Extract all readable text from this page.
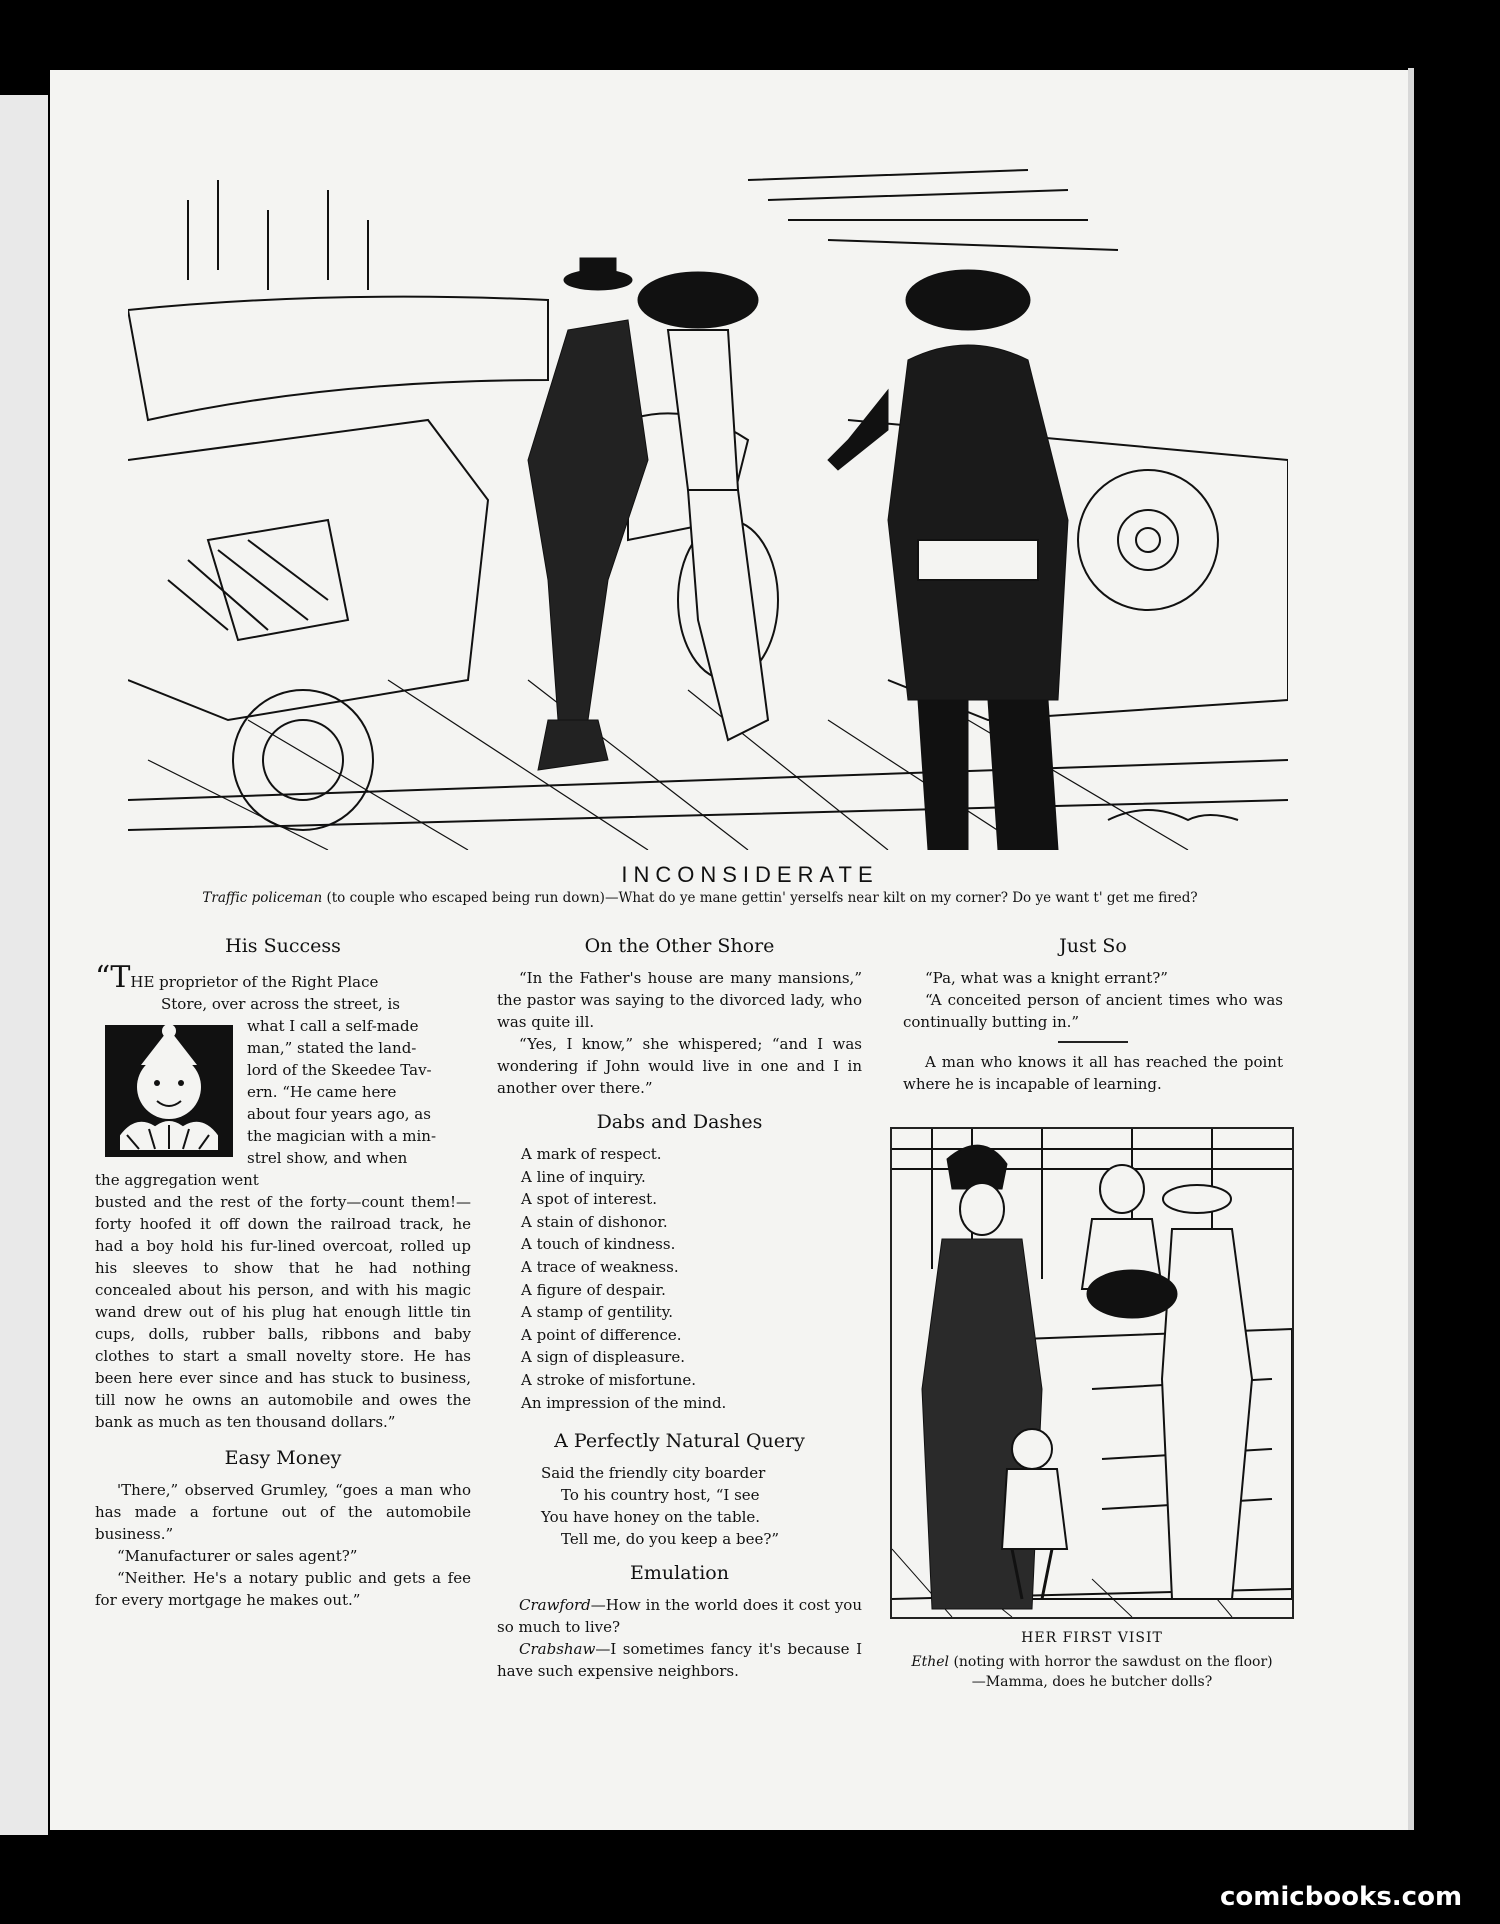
INCONSIDERATE
Traffic policeman (to couple who escaped being run down)—What do ye mane gettin' yerselfs near kilt on my corner? Do ye want t' get me fired?
His Success

“THE proprietor of the Right Place

Store, over across the street, is

what I call a self-made

man,” stated the land-

lord of the Skeedee Tav-

ern. “He came here

about four years ago, as

the magician with a min-

strel show, and when

the aggregation went

busted and the rest of the forty—count them!—forty hoofed it off down the railroad track, he had a boy hold his fur-lined overcoat, rolled up his sleeves to show that he had nothing concealed about his person, and with his magic wand drew out of his plug hat enough little tin cups, dolls, rubber balls, ribbons and baby clothes to start a small novelty store. He has been here ever since and has stuck to business, till now he owns an automobile and owes the bank as much as ten thousand dollars.”

Easy Money

'There,” observed Grumley, “goes a man who has made a fortune out of the automobile business.”

“Manufacturer or sales agent?”

“Neither. He's a notary public and gets a fee for every mortgage he makes out.”

On the Other Shore

“In the Father's house are many mansions,” the pastor was saying to the divorced lady, who was quite ill.

“Yes, I know,” she whispered; “and I was wondering if John would live in one and I in another over there.”

Dabs and Dashes
A mark of respect.
A line of inquiry.
A spot of interest.
A stain of dishonor.
A touch of kindness.
A trace of weakness.
A figure of despair.
A stamp of gentility.
A point of difference.
A sign of displeasure.
A stroke of misfortune.
An impression of the mind.
A Perfectly Natural Query
Said the friendly city boarder
To his country host, “I see
You have honey on the table.
Tell me, do you keep a bee?”
Emulation

Crawford—How in the world does it cost you so much to live?

Crabshaw—I sometimes fancy it's because I have such expensive neighbors.

Just So

“Pa, what was a knight errant?”

“A conceited person of ancient times who was continually butting in.”

A man who knows it all has reached the point where he is incapable of learning.

HER FIRST VISIT
Ethel (noting with horror the sawdust on the floor)
—Mamma, does he butcher dolls?
comicbooks.com
